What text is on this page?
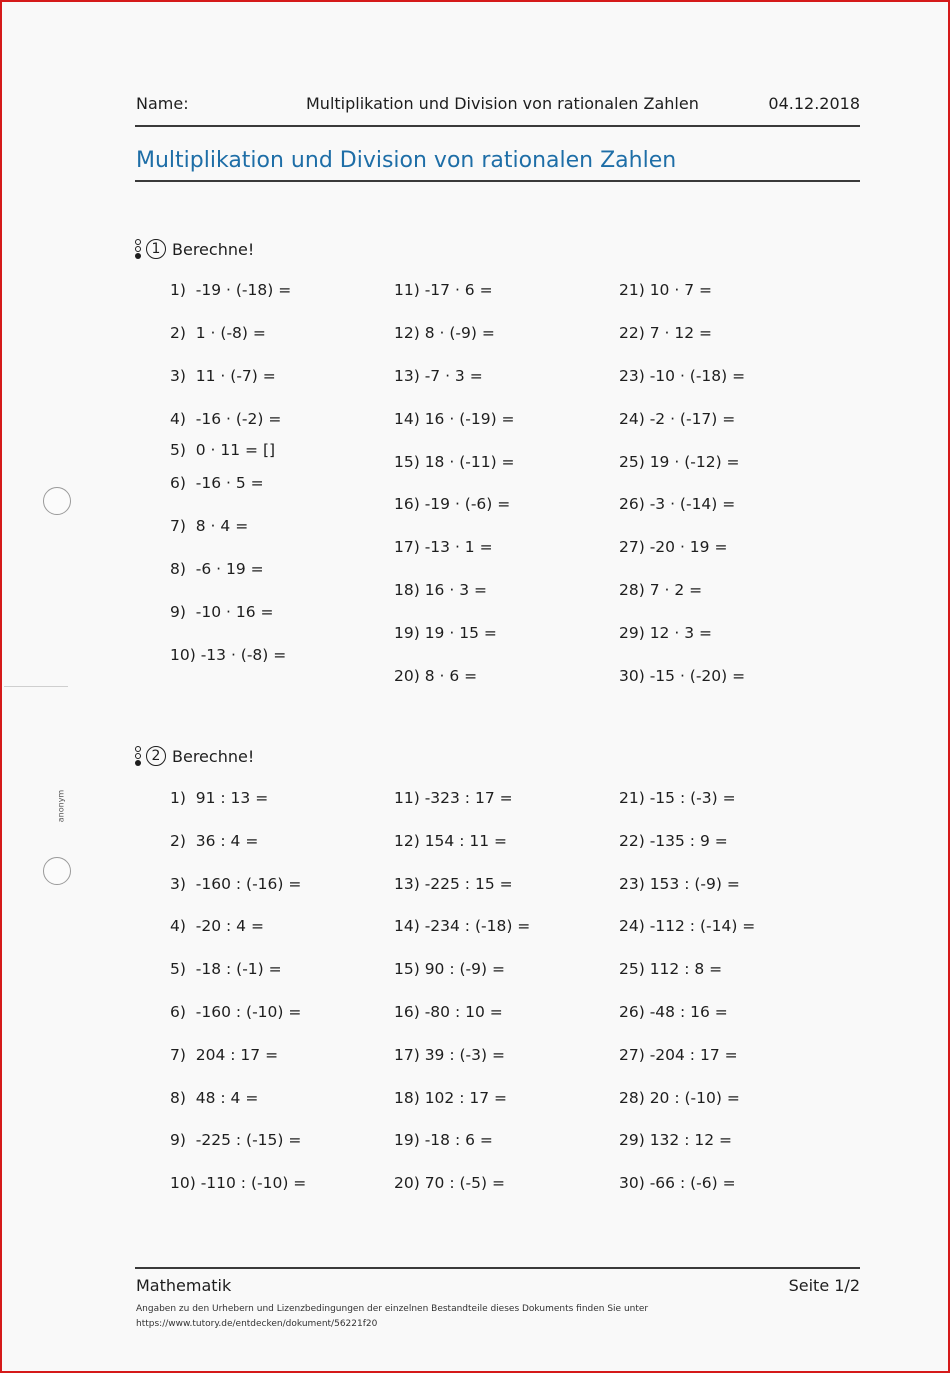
anonym
Name:	Multiplikation und Division von rationalen Zahlen	04.12.2018
Multiplikation und Division von rationalen Zahlen
1 Berechne!
1)  -19 · (-18) =
2)  1 · (-8) =
3)  11 · (-7) =
4)  -16 · (-2) =
5)  0 · 11 = []
6)  -16 · 5 =
7)  8 · 4 =
8)  -6 · 19 =
9)  -10 · 16 =
10) -13 · (-8) =
11) -17 · 6 =
12) 8 · (-9) =
13) -7 · 3 =
14) 16 · (-19) =
15) 18 · (-11) =
16) -19 · (-6) =
17) -13 · 1 =
18) 16 · 3 =
19) 19 · 15 =
20) 8 · 6 =
21) 10 · 7 =
22) 7 · 12 =
23) -10 · (-18) =
24) -2 · (-17) =
25) 19 · (-12) =
26) -3 · (-14) =
27) -20 · 19 =
28) 7 · 2 =
29) 12 · 3 =
30) -15 · (-20) =
2 Berechne!
1)  91 : 13 =
2)  36 : 4 =
3)  -160 : (-16) =
4)  -20 : 4 =
5)  -18 : (-1) =
6)  -160 : (-10) =
7)  204 : 17 =
8)  48 : 4 =
9)  -225 : (-15) =
10) -110 : (-10) =
11) -323 : 17 =
12) 154 : 11 =
13) -225 : 15 =
14) -234 : (-18) =
15) 90 : (-9) =
16) -80 : 10 =
17) 39 : (-3) =
18) 102 : 17 =
19) -18 : 6 =
20) 70 : (-5) =
21) -15 : (-3) =
22) -135 : 9 =
23) 153 : (-9) =
24) -112 : (-14) =
25) 112 : 8 =
26) -48 : 16 =
27) -204 : 17 =
28) 20 : (-10) =
29) 132 : 12 =
30) -66 : (-6) =
Mathematik	Seite 1/2
Angaben zu den Urhebern und Lizenzbedingungen der einzelnen Bestandteile dieses Dokuments finden Sie unter
https://www.tutory.de/entdecken/dokument/56221f20
